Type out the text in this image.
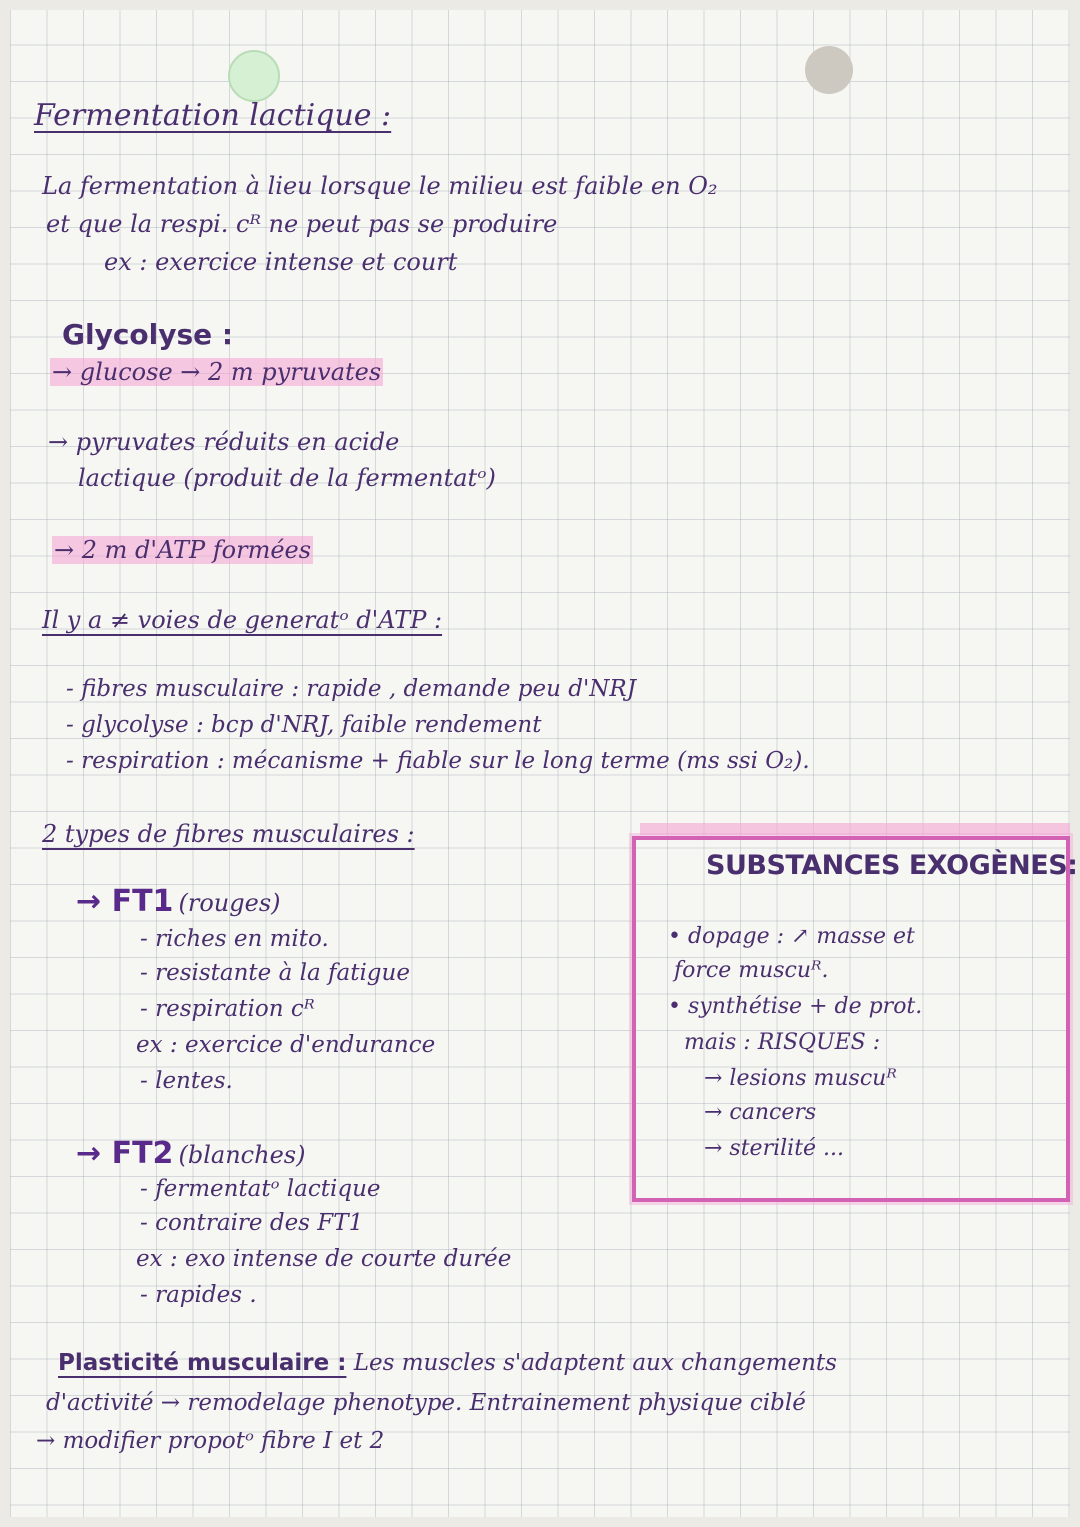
Fermentation lactique :
La fermentation à lieu lorsque le milieu est faible en O₂
et que la respi. cᴿ ne peut pas se produire
ex : exercice intense et court
Glycolyse :
→ glucose → 2 m pyruvates
→ pyruvates réduits en acide
lactique (produit de la fermentatᵒ)
→ 2 m d'ATP formées
Il y a ≠ voies de generatᵒ d'ATP :
- fibres musculaire : rapide , demande peu d'NRJ
- glycolyse : bcp d'NRJ, faible rendement
- respiration : mécanisme + fiable sur le long terme (ms ssi O₂).
2 types de fibres musculaires :
→ FT1 (rouges)
- riches en mito.
- resistante à la fatigue
- respiration cᴿ
ex : exercice d'endurance
- lentes.
→ FT2 (blanches)
- fermentatᵒ lactique
- contraire des FT1
ex : exo intense de courte durée
- rapides .
SUBSTANCES EXOGÈNES:
• dopage : ↗ masse et
force muscuᴿ.
• synthétise + de prot.
mais : RISQUES :
→ lesions muscuᴿ
→ cancers
→ sterilité ...
Plasticité musculaire : Les muscles s'adaptent aux changements
d'activité → remodelage phenotype. Entrainement physique ciblé
→ modifier propotᵒ fibre I et 2
